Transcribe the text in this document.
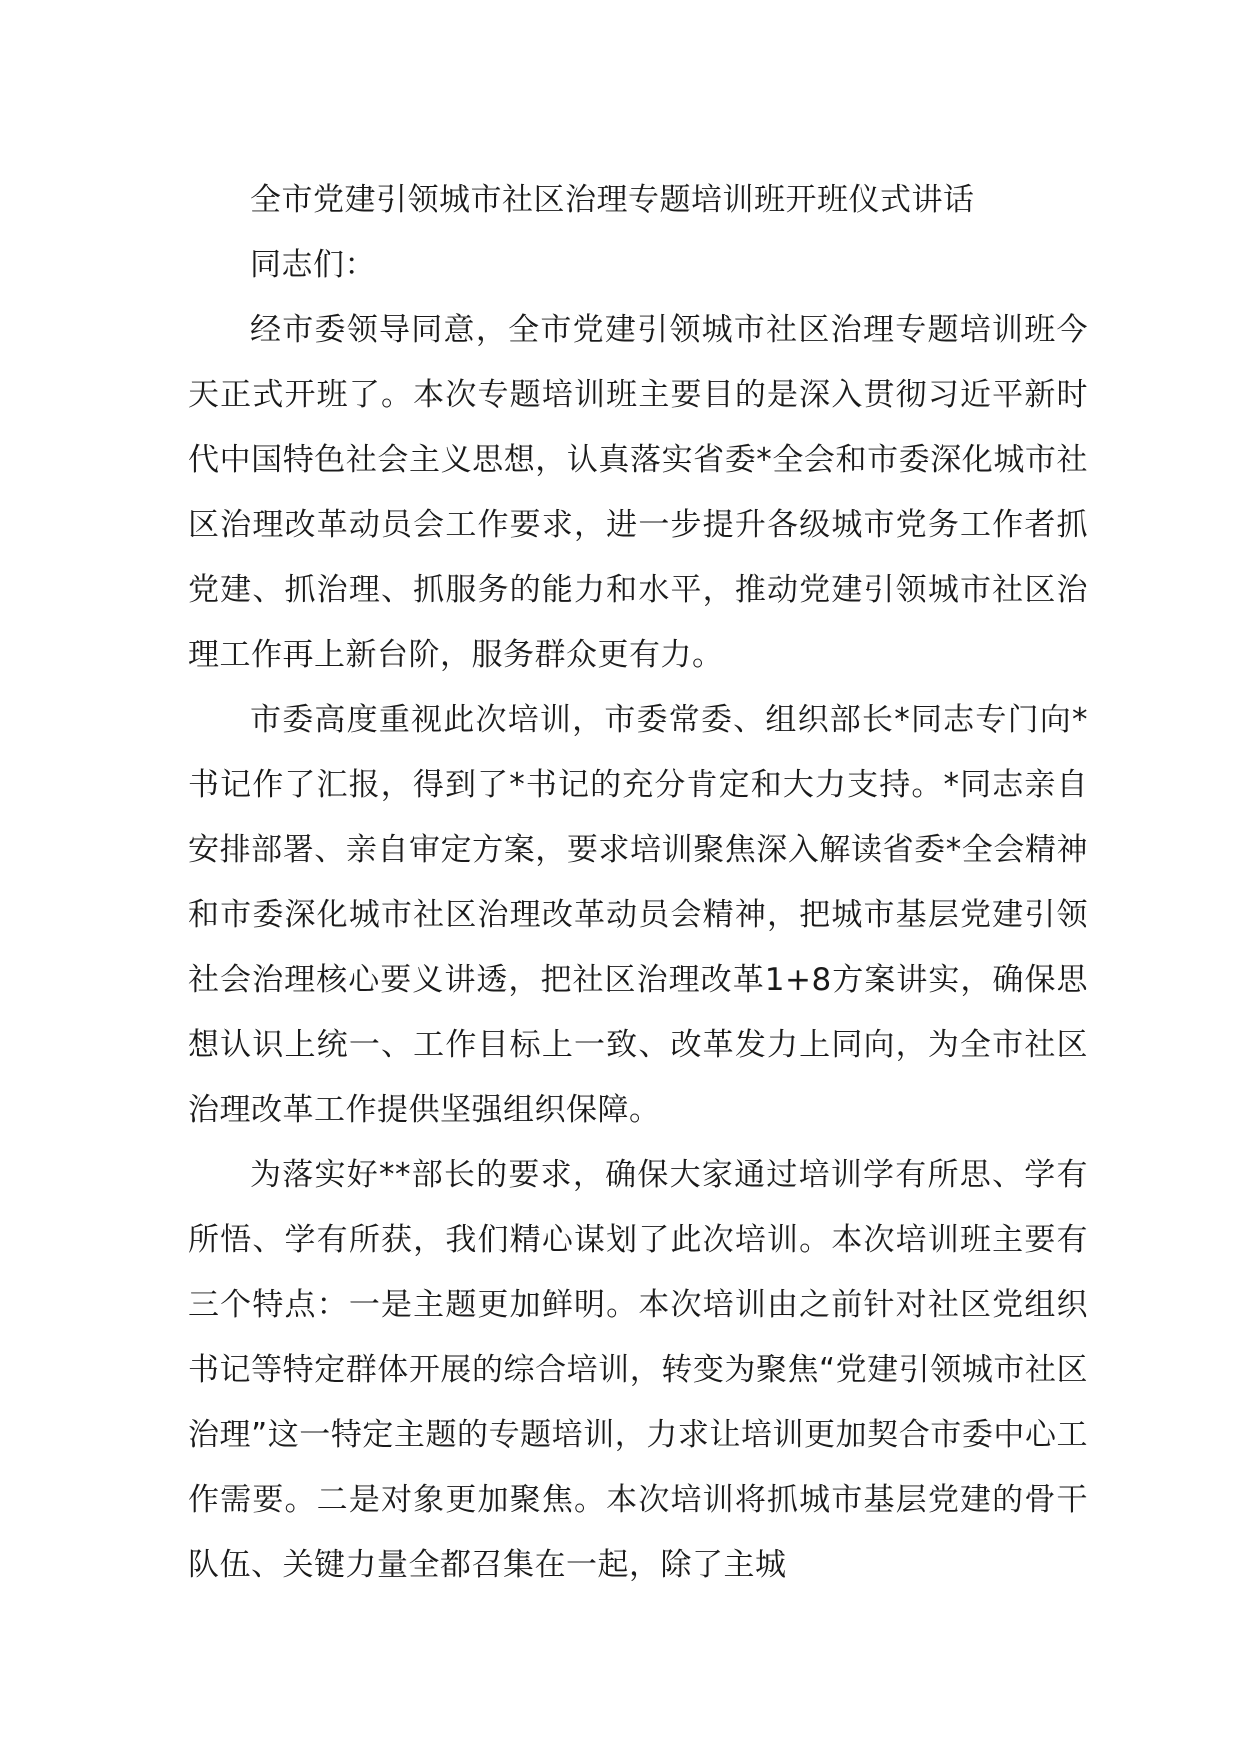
全市党建引领城市社区治理专题培训班开班仪式讲话

同志们：

经市委领导同意，全市党建引领城市社区治理专题培训班今天正式开班了。本次专题培训班主要目的是深入贯彻习近平新时代中国特色社会主义思想，认真落实省委*全会和市委深化城市社区治理改革动员会工作要求，进一步提升各级城市党务工作者抓党建、抓治理、抓服务的能力和水平，推动党建引领城市社区治理工作再上新台阶，服务群众更有力。

市委高度重视此次培训，市委常委、组织部长*同志专门向*书记作了汇报，得到了*书记的充分肯定和大力支持。*同志亲自安排部署、亲自审定方案，要求培训聚焦深入解读省委*全会精神和市委深化城市社区治理改革动员会精神，把城市基层党建引领社会治理核心要义讲透，把社区治理改革1+8方案讲实，确保思想认识上统一、工作目标上一致、改革发力上同向，为全市社区治理改革工作提供坚强组织保障。

为落实好**部长的要求，确保大家通过培训学有所思、学有所悟、学有所获，我们精心谋划了此次培训。本次培训班主要有三个特点：一是主题更加鲜明。本次培训由之前针对社区党组织书记等特定群体开展的综合培训，转变为聚焦“党建引领城市社区治理”这一特定主题的专题培训，力求让培训更加契合市委中心工作需要。二是对象更加聚焦。本次培训将抓城市基层党建的骨干队伍、关键力量全都召集在一起，除了主城
